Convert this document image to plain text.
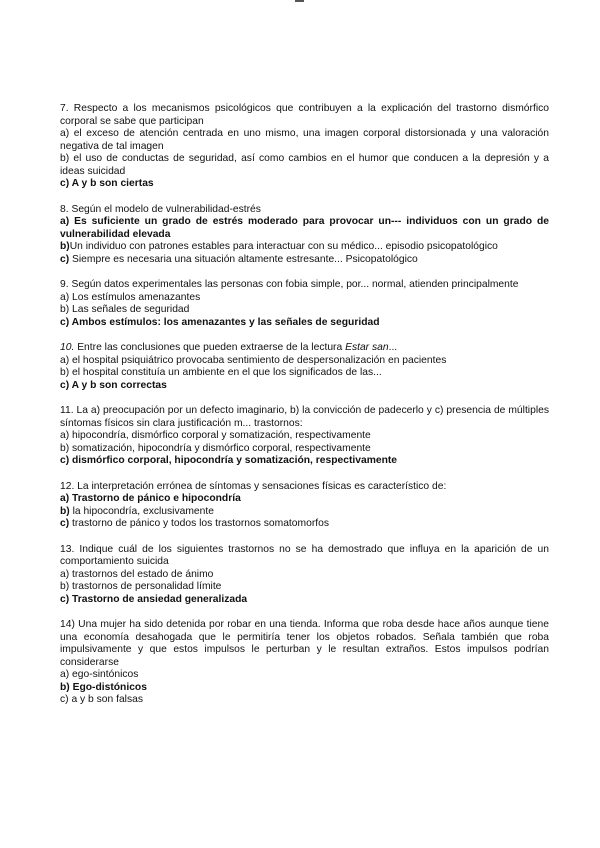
7. Respecto a los mecanismos psicológicos que contribuyen a la explicación del trastorno dismórfico corporal se sabe que participan
a) el exceso de atención centrada en uno mismo, una imagen corporal distorsionada y una valoración negativa de tal imagen
b) el uso de conductas de seguridad, así como cambios en el humor que conducen a la depresión y a ideas suicidad
c) A y b son ciertas
8. Según el modelo de vulnerabilidad-estrés
a) Es suficiente un grado de estrés moderado para provocar un--- individuos con un grado de vulnerabilidad elevada
b)Un individuo con patrones estables para interactuar con su médico... episodio psicopatológico
c) Siempre es necesaria una situación altamente estresante... Psicopatológico
9. Según datos experimentales las personas con fobia simple, por... normal, atienden principalmente
a) Los estímulos amenazantes
b) Las señales de seguridad
c) Ambos estímulos: los amenazantes y las señales de seguridad
10. Entre las conclusiones que pueden extraerse de la lectura Estar san...
a) el hospital psiquiátrico provocaba sentimiento de despersonalización en pacientes
b) el hospital constituía un ambiente en el que los significados de las...
c) A y b son correctas
11. La a) preocupación por un defecto imaginario, b) la convicción de padecerlo y c) presencia de múltiples síntomas físicos sin clara justificación m... trastornos:
a) hipocondría, dismórfico corporal y somatización, respectivamente
b) somatización, hipocondría y dismórfico corporal, respectivamente
c) dismórfico corporal, hipocondría y somatización, respectivamente
12. La interpretación errónea de síntomas y sensaciones físicas es característico de:
a) Trastorno de pánico e hipocondría
b) la hipocondría, exclusivamente
c) trastorno de pánico y todos los trastornos somatomorfos
13. Indique cuál de los siguientes trastornos no se ha demostrado que influya en la aparición de un comportamiento suicida
a) trastornos del estado de ánimo
b) trastornos de personalidad límite
c) Trastorno de ansiedad generalizada
14) Una mujer ha sido detenida por robar en una tienda. Informa que roba desde hace años aunque tiene una economía desahogada que le permitiría tener los objetos robados. Señala también que roba impulsivamente y que estos impulsos le perturban y le resultan extraños. Estos impulsos podrían considerarse
a) ego-sintónicos
b) Ego-distónicos
c) a y b son falsas
